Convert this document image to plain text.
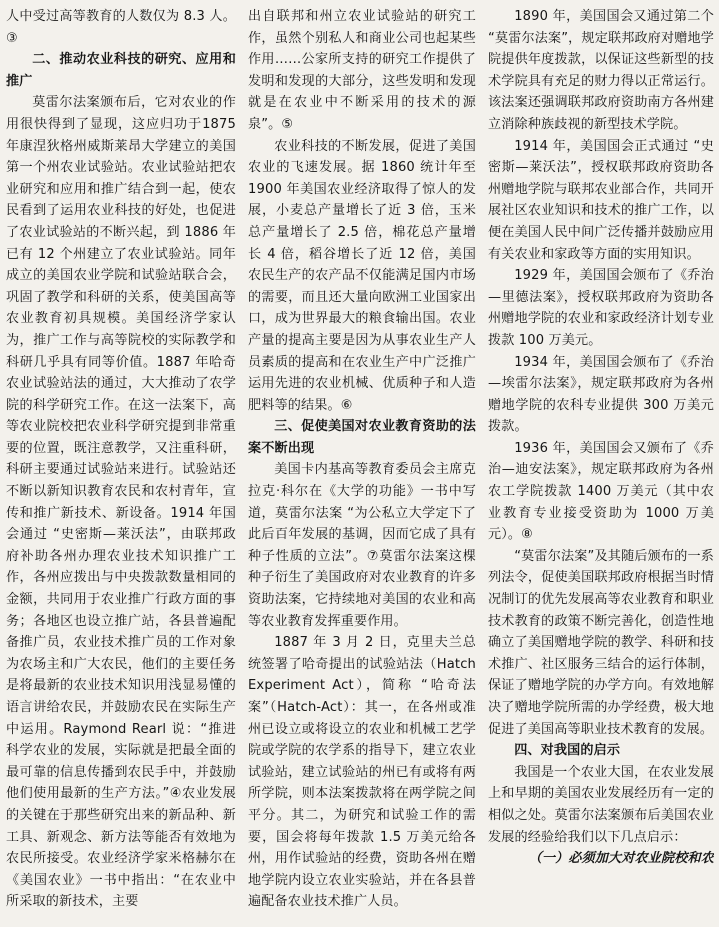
人中受过高等教育的人数仅为 8.3 人。③

二、推动农业科技的研究、应用和推广

莫雷尔法案颁布后，它对农业的作用很快得到了显现，这应归功于1875 年康涅狄格州威斯莱昂大学建立的美国第一个州农业试验站。农业试验站把农业研究和应用和推广结合到一起，使农民看到了运用农业科技的好处，也促进了农业试验站的不断兴起，到 1886 年已有 12 个州建立了农业试验站。同年成立的美国农业学院和试验站联合会，巩固了教学和科研的关系，使美国高等农业教育初具规模。美国经济学家认为，推广工作与高等院校的实际教学和科研几乎具有同等价值。1887 年哈奇农业试验站法的通过，大大推动了农学院的科学研究工作。在这一法案下，高等农业院校把农业科学研究提到非常重要的位置，既注意教学，又注重科研，科研主要通过试验站来进行。试验站还不断以新知识教育农民和农村青年，宣传和推广新技术、新设备。1914 年国会通过 “史密斯—莱沃法”，由联邦政府补助各州办理农业技术知识推广工作，各州应拨出与中央拨款数量相同的金额，共同用于农业推广行政方面的事务；各地区也设立推广站，各县普遍配备推广员，农业技术推广员的工作对象为农场主和广大农民，他们的主要任务是将最新的农业技术知识用浅显易懂的语言讲给农民，并鼓励农民在实际生产中运用。Raymond Rearl 说：“推进科学农业的发展，实际就是把最全面的最可靠的信息传播到农民手中，并鼓励他们使用最新的生产方法。”④农业发展的关键在于那些研究出来的新品种、新工具、新观念、新方法等能否有效地为农民所接受。农业经济学家米格赫尔在《美国农业》一书中指出：“在农业中所采取的新技术，主要

出自联邦和州立农业试验站的研究工作，虽然个别私人和商业公司也起某些作用……公家所支持的研究工作提供了发明和发现的大部分，这些发明和发现就是在农业中不断采用的技术的源泉”。⑤

农业科技的不断发展，促进了美国农业的飞速发展。据 1860 统计年至 1900 年美国农业经济取得了惊人的发展，小麦总产量增长了近 3 倍，玉米总产量增长了 2.5 倍，棉花总产量增长 4 倍，稻谷增长了近 12 倍，美国农民生产的农产品不仅能满足国内市场的需要，而且还大量向欧洲工业国家出口，成为世界最大的粮食输出国。农业产量的提高主要是因为从事农业生产人员素质的提高和在农业生产中广泛推广运用先进的农业机械、优质种子和人造肥料等的结果。⑥

三、促使美国对农业教育资助的法案不断出现

美国卡内基高等教育委员会主席克拉克·科尔在《大学的功能》一书中写道，莫雷尔法案 “为公私立大学定下了此后百年发展的基调，因而它成了具有种子性质的立法”。⑦莫雷尔法案这棵种子衍生了美国政府对农业教育的许多资助法案，它持续地对美国的农业和高等农业教育发挥重要作用。

1887 年 3 月 2 日，克里夫兰总统签署了哈奇提出的试验站法（Hatch Experiment Act），简称 “哈奇法案”（Hatch-Act）：其一，在各州或准州已设立或将设立的农业和机械工艺学院或学院的农学系的指导下，建立农业试验站，建立试验站的州已有或将有两所学院，则本法案拨款将在两学院之间平分。其二，为研究和试验工作的需要，国会将每年拨款 1.5 万美元给各州，用作试验站的经费，资助各州在赠地学院内设立农业实验站，并在各县普遍配备农业技术推广人员。

1890 年，美国国会又通过第二个 “莫雷尔法案”，规定联邦政府对赠地学院提供年度拨款，以保证这些新型的技术学院具有充足的财力得以正常运行。该法案还强调联邦政府资助南方各州建立消除种族歧视的新型技术学院。

1914 年，美国国会正式通过 “史密斯—莱沃法”，授权联邦政府资助各州赠地学院与联邦农业部合作，共同开展社区农业知识和技术的推广工作，以便在美国人民中间广泛传播并鼓励应用有关农业和家政等方面的实用知识。

1929 年，美国国会颁布了《乔治—里德法案》，授权联邦政府为资助各州赠地学院的农业和家政经济计划专业拨款 100 万美元。

1934 年，美国国会颁布了《乔治—埃雷尔法案》，规定联邦政府为各州赠地学院的农科专业提供 300 万美元拨款。

1936 年，美国国会又颁布了《乔治—迪安法案》，规定联邦政府为各州农工学院拨款 1400 万美元（其中农业教育专业接受资助为 1000 万美元）。⑧

“莫雷尔法案”及其随后颁布的一系列法令，促使美国联邦政府根据当时情况制订的优先发展高等农业教育和职业技术教育的政策不断完善化，创造性地确立了美国赠地学院的教学、科研和技术推广、社区服务三结合的运行体制，保证了赠地学院的办学方向。有效地解决了赠地学院所需的办学经费，极大地促进了美国高等职业技术教育的发展。

四、对我国的启示

我国是一个农业大国，在农业发展上和早期的美国农业发展经历有一定的相似之处。莫雷尔法案颁布后美国农业发展的经验给我们以下几点启示：

（一）必须加大对农业院校和农
